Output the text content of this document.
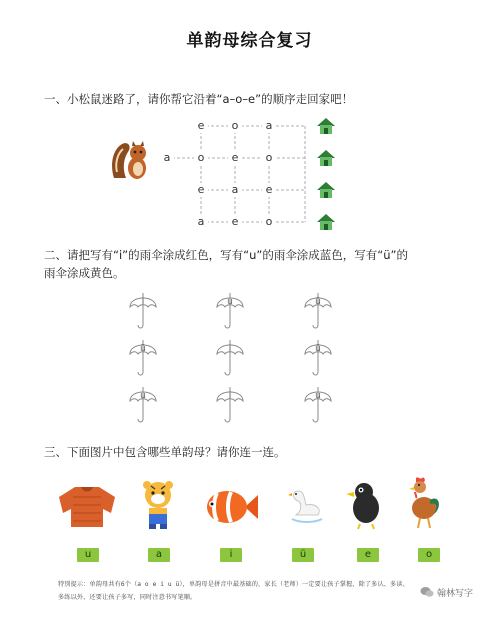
单韵母综合复习
一、小松鼠迷路了，请你帮它沿着“a–o–e”的顺序走回家吧！
e	o	a
a	o	e	o
e	a	e
a	e	o
二、请把写有“i”的雨伞涂成红色，写有“u”的雨伞涂成蓝色，写有“ü”的
雨伞涂成黄色。
i	u	ü
ü	i	ü
u	i	u
三、下面图片中包含哪些单韵母？请你连一连。
u	a	i	ü	e	o
特别提示：单韵母共有6个（a o e i u ü），单韵母是拼音中最基础的，家长（老师）一定要让孩子掌握，除了多认、多读、
多练以外，还要让孩子多写，同时注意书写笔顺。	翰林写字
